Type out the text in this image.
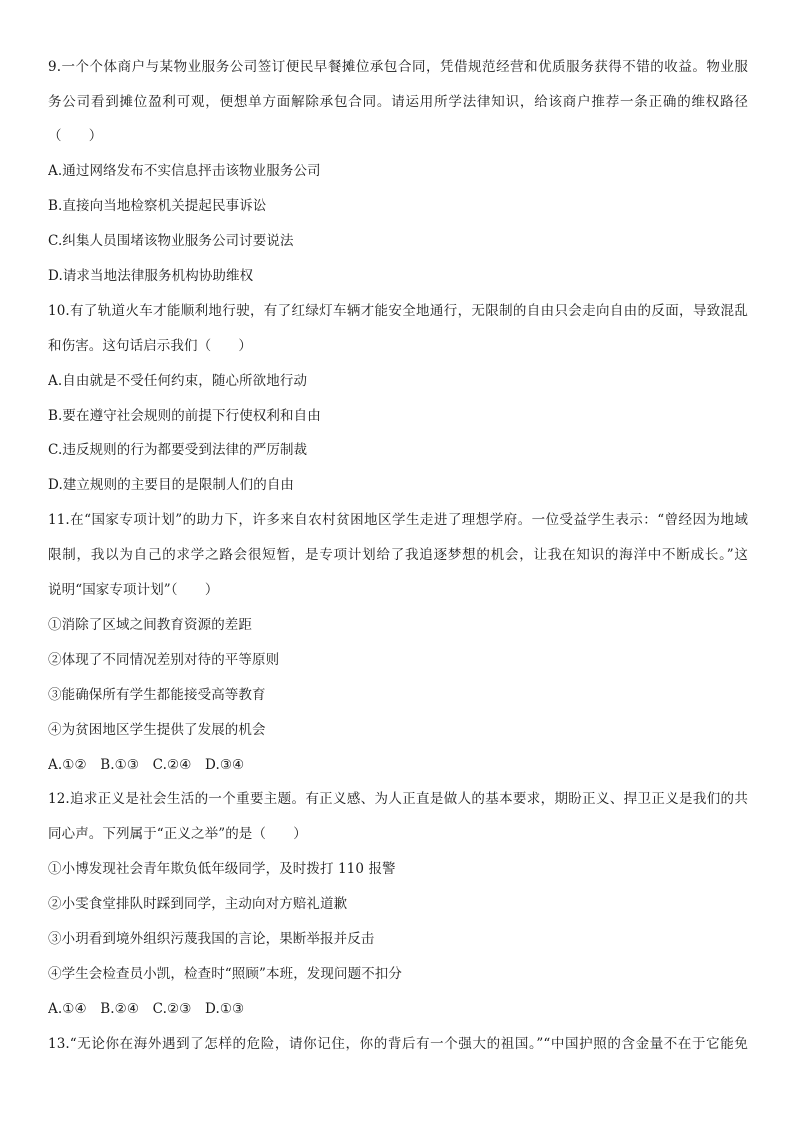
9.一个个体商户与某物业服务公司签订便民早餐摊位承包合同，凭借规范经营和优质服务获得不错的收益。物业服
务公司看到摊位盈利可观，便想单方面解除承包合同。请运用所学法律知识，给该商户推荐一条正确的维权路径
（　　）
A.通过网络发布不实信息抨击该物业服务公司
B.直接向当地检察机关提起民事诉讼
C.纠集人员围堵该物业服务公司讨要说法
D.请求当地法律服务机构协助维权
10.有了轨道火车才能顺利地行驶，有了红绿灯车辆才能安全地通行，无限制的自由只会走向自由的反面，导致混乱
和伤害。这句话启示我们（　　）
A.自由就是不受任何约束，随心所欲地行动
B.要在遵守社会规则的前提下行使权利和自由
C.违反规则的行为都要受到法律的严厉制裁
D.建立规则的主要目的是限制人们的自由
11.在“国家专项计划”的助力下，许多来自农村贫困地区学生走进了理想学府。一位受益学生表示：“曾经因为地域
限制，我以为自己的求学之路会很短暂，是专项计划给了我追逐梦想的机会，让我在知识的海洋中不断成长。”这
说明“国家专项计划”（　　）
①消除了区域之间教育资源的差距
②体现了不同情况差别对待的平等原则
③能确保所有学生都能接受高等教育
④为贫困地区学生提供了发展的机会
A.①②　B.①③　C.②④　D.③④
12.追求正义是社会生活的一个重要主题。有正义感、为人正直是做人的基本要求，期盼正义、捍卫正义是我们的共
同心声。下列属于“正义之举”的是（　　）
①小博发现社会青年欺负低年级同学，及时拨打 110 报警
②小雯食堂排队时踩到同学，主动向对方赔礼道歉
③小玥看到境外组织污蔑我国的言论，果断举报并反击
④学生会检查员小凯，检查时“照顾”本班，发现问题不扣分
A.①④　B.②④　C.②③　D.①③
13.“无论你在海外遇到了怎样的危险，请你记住，你的背后有一个强大的祖国。”“中国护照的含金量不在于它能免
